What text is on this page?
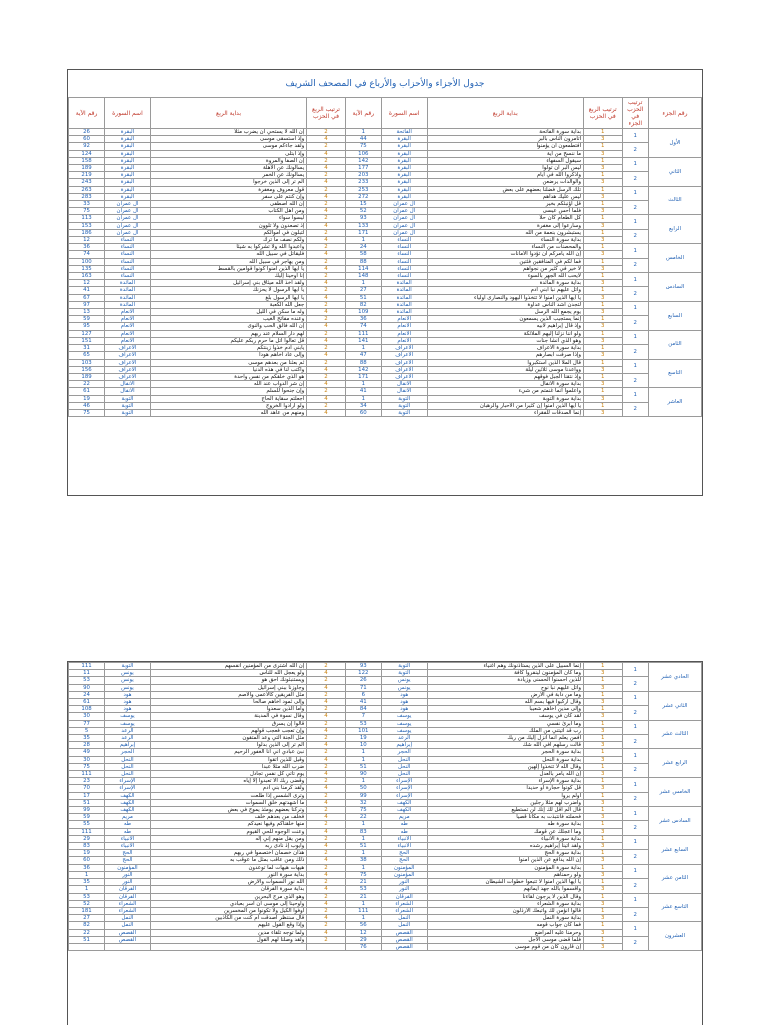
جدول الأجزاء والأحزاب والأرباع في المصحف الشريف
رقم الآية	اسم السورة	بداية الربع	ترتيب الربع في الحزب	رقم الآية	اسم السورة	بداية الربع	ترتيب الربع في الحزب	ترتيب الحزب في الجزء	رقم الجزء
26	البقرة	إن الله لا يستحي أن يضرب مثلا	2	1	الفاتحة	بداية سورة الفاتحة	1	1	الأول
60	البقرة	وإذ استسقى موسى	4	44	البقرة	أتأمرون الناس بالبر	3		
92	البقرة	ولقد جاءكم موسى	2	75	البقرة	أفتطمعون أن يؤمنوا	1	2	
124	البقرة	وإذ ابتلى	4	106	البقرة	ما ننسخ من آية	3		
158	البقرة	إن الصفا والمروة	2	142	البقرة	سيقول السفهاء	1	1	الثاني
189	البقرة	يسألونك عن الأهلة	4	177	البقرة	ليس البر أن تولوا	3		
219	البقرة	يسألونك عن الخمر	2	203	البقرة	واذكروا الله في أيام	1	2	
243	البقرة	ألم تر إلى الذين خرجوا	4	233	البقرة	والوالدات يرضعن	3		
263	البقرة	قول معروف ومغفرة	2	253	البقرة	تلك الرسل فضلنا بعضهم على بعض	1	1	الثالث
283	البقرة	وإن كنتم على سفر	4	272	البقرة	ليس عليك هداهم	3		
33	آل عمران	إن الله اصطفى	2	15	آل عمران	قل أؤنبئكم بخير	1	2	
75	آل عمران	ومن أهل الكتاب	4	52	آل عمران	فلما أحس عيسى	3		
113	آل عمران	ليسوا سواء	2	93	آل عمران	كل الطعام كان حلا	1	1	الرابع
153	آل عمران	إذ تصعدون ولا تلوون	4	133	آل عمران	وسارعوا إلى مغفرة	3		
186	آل عمران	لتبلون في أموالكم	2	171	آل عمران	يستبشرون بنعمة من الله	1	2	
12	النساء	ولكم نصف ما ترك	4	1	النساء	بداية سورة النساء	3		
36	النساء	واعبدوا الله ولا تشركوا به شيئا	2	24	النساء	والمحصنات من النساء	1	1	الخامس
74	النساء	فليقاتل في سبيل الله	4	58	النساء	إن الله يأمركم أن تؤدوا الأمانات	3		
100	النساء	ومن يهاجر في سبيل الله	2	88	النساء	فما لكم في المنافقين فئتين	1	2	
135	النساء	يا أيها الذين آمنوا كونوا قوامين بالقسط	4	114	النساء	لا خير في كثير من نجواهم	3		
163	النساء	إنا أوحينا إليك	2	148	النساء	لايحب الله الجهر بالسوء	1	1	السادس
12	المائدة	ولقد أخذ الله ميثاق بني إسرائيل	4	1	المائدة	بداية سورة المائدة	3		
41	المائدة	يا أيها الرسول لا يحزنك	2	27	المائدة	واتل عليهم نبأ ابني آدم	1	2	
67	المائدة	يا أيها الرسول بلغ	4	51	المائدة	يا أيها الذين آمنوا لا تتخذوا اليهود والنصارى أولياء	3		
97	المائدة	جعل الله الكعبة	2	82	المائدة	لتجدن أشد الناس عداوة	1	1	السابع
13	الأنعام	وله ما سكن في الليل	4	109	المائدة	يوم يجمع الله الرسل	3		
59	الأنعام	وعنده مفاتح الغيب	2	36	الأنعام	إنما يستجيب الذين يسمعون	1	2	
95	الأنعام	إن الله فالق الحب والنوى	4	74	الأنعام	وإذ قال إبراهيم لأبيه	3		
127	الأنعام	لهم دار السلام عند ربهم	2	111	الأنعام	ولو أننا نزلنا إليهم الملائكة	1	1	الثامن
151	الأنعام	قل تعالوا أتل ما حرم ربكم عليكم	4	141	الأنعام	وهو الذي أنشأ جنات	3		
31	الأعراف	يابني آدم خذوا زينتكم	2	1	الأعراف	بداية سورة الأعراف	1	2	
65	الأعراف	وإلى عاد أخاهم هودا	4	47	الأعراف	وإذا صرفت أبصارهم	3		
103	الأعراف	ثم بعثنا من بعدهم موسى	2	88	الأعراف	قال الملأ الذين استكبروا	1	1	التاسع
156	الأعراف	واكتب لنا في هذه الدنيا	4	142	الأعراف	وواعدنا موسى ثلاثين ليلة	3		
189	الأعراف	هو الذي خلقكم من نفس واحدة	2	171	الأعراف	وإذ نتقنا الجبل فوقهم	1	2	
22	الأنفال	إن شر الدواب عند الله	4	1	الأنفال	بداية سورة الأنفال	3		
61	الأنفال	وإن جنحوا للسلم	2	41	الأنفال	واعلموا أنما غنمتم من شيء	1	1	العاشر
19	التوبة	أجعلتم سقاية الحاج	4	1	التوبة	بداية سورة التوبة	3		
46	التوبة	ولو أرادوا الخروج	2	34	التوبة	يا أيها الذين آمنوا إن كثيرا من الأحبار والرهبان	1	2	
75	التوبة	ومنهم من عاهد الله	4	60	التوبة	إنما الصدقات للفقراء	3		
111	التوبة	إن الله اشترى من المؤمنين أنفسهم	2	93	التوبة	إنما السبيل على الذين يستأذنونك وهم أغنياء	1	1	الحادي عشر
11	يونس	ولو يعجل الله للناس	4	122	التوبة	وما كان المؤمنون لينفروا كافة	3		
53	يونس	ويستنبئونك أحق هو	2	26	يونس	للذين أحسنوا الحسنى وزيادة	1	2	
90	يونس	وجاوزنا ببني إسرائيل	4	71	يونس	واتل عليهم نبأ نوح	3		
24	هود	مثل الفريقين كالأعمى والأصم	2	6	هود	وما من دابة في الأرض	1	1	الثاني عشر
61	هود	وإلى ثمود أخاهم صالحا	4	41	هود	وقال اركبوا فيها بسم الله	3		
108	هود	وأما الذين سعدوا	2	84	هود	وإلى مدين أخاهم شعيبا	1	2	
30	يوسف	وقال نسوة في المدينة	4	7	يوسف	لقد كان في يوسف	3		
77	يوسف	قالوا إن يسرق	2	53	يوسف	وما أبرئ نفسي	1	1	الثالث عشر
5	الرعد	وإن تعجب فعجب قولهم	4	101	يوسف	رب قد آتيتني من الملك	3		
35	الرعد	مثل الجنة التي وعد المتقون	2	19	الرعد	أفمن يعلم أنما أنزل إليك من ربك	1	2	
28	إبراهيم	ألم تر إلى الذين بدلوا	4	10	إبراهيم	قالت رسلهم أفي الله شك	3		
49	الحجر	نبئ عبادي أني أنا الغفور الرحيم	2	1	الحجر	بداية سورة الحجر	1	1	الرابع عشر
30	النحل	وقيل للذين اتقوا	4	1	النحل	بداية سورة النحل	3		
75	النحل	ضرب الله مثلا عبدا	2	51	النحل	وقال الله لا تتخذوا إلهين	1	2	
111	النحل	يوم تأتي كل نفس تجادل	4	90	النحل	إن الله يأمر بالعدل	3		
23	الإسراء	وقضى ربك ألا تعبدوا إلا إياه	2	1	الإسراء	بداية سورة الإسراء	1	1	الخامس عشر
70	الإسراء	ولقد كرمنا بني آدم	4	50	الإسراء	قل كونوا حجارة أو حديدا	3		
17	الكهف	وترى الشمس إذا طلعت	2	99	الإسراء	أولم يروا	1	2	
51	الكهف	ما أشهدتهم خلق السموات	4	32	الكهف	واضرب لهم مثلا رجلين	3		
99	الكهف	وتركنا بعضهم يومئذ يموج في بعض	2	75	الكهف	قال ألم أقل لك إنك لن تستطيع	1	1	السادس عشر
59	مريم	فخلف من بعدهم خلف	4	22	مريم	فحملته فانتبذت به مكانا قصيا	3		
55	طه	منها خلقناكم وفيها نعيدكم	2	1	طه	بداية سورة طه	1	2	
111	طه	وعنت الوجوه للحي القيوم	4	83	طه	وما أعجلك عن قومك	3		
29	الأنبياء	ومن يقل منهم إني إله	2	1	الأنبياء	بداية سورة الأنبياء	1	1	السابع عشر
83	الأنبياء	وأيوب إذ نادى ربه	4	51	الأنبياء	ولقد آتينا إبراهيم رشده	3		
19	الحج	هذان خصمان اختصموا في ربهم	2	1	الحج	بداية سورة الحج	1	2	
60	الحج	ذلك ومن عاقب بمثل ما عوقب به	4	38	الحج	إن الله يدافع عن الذين آمنوا	3		
36	المؤمنون	هيهات هيهات لما توعدون	2	1	المؤمنون	بداية سورة المؤمنون	1	1	الثامن عشر
1	النور	بداية سورة النور	4	75	المؤمنون	ولو رحمناهم	3		
35	النور	الله نور السموات والأرض	2	21	النور	يا أيها الذين آمنوا لا تتبعوا خطوات الشيطان	1	2	
1	الفرقان	بداية سورة الفرقان	4	53	النور	وأقسموا بالله جهد أيمانهم	3		
53	الفرقان	وهو الذي مرج البحرين	2	21	الفرقان	وقال الذين لا يرجون لقاءنا	1	1	التاسع عشر
52	الشعراء	وأوحينا إلى موسى أن أسر بعبادي	4	1	الشعراء	بداية سورة الشعراء	3		
181	الشعراء	أوفوا الكيل ولا تكونوا من المخسرين	2	111	الشعراء	قالوا أنؤمن لك واتبعك الأرذلون	1	2	
27	النمل	قال سننظر أصدقت أم كنت من الكاذبين	4	1	النمل	بداية سورة النمل	3		
82	النمل	وإذا وقع القول عليهم	2	56	النمل	فما كان جواب قومه	1	1	العشرون
22	القصص	ولما توجه تلقاء مدين	4	12	القصص	وحرمنا عليه المراضع	3		
51	القصص	ولقد وصلنا لهم القول	2	29	القصص	فلما قضى موسى الأجل	1	2	
				76	القصص	إن قارون كان من قوم موسى	3		
